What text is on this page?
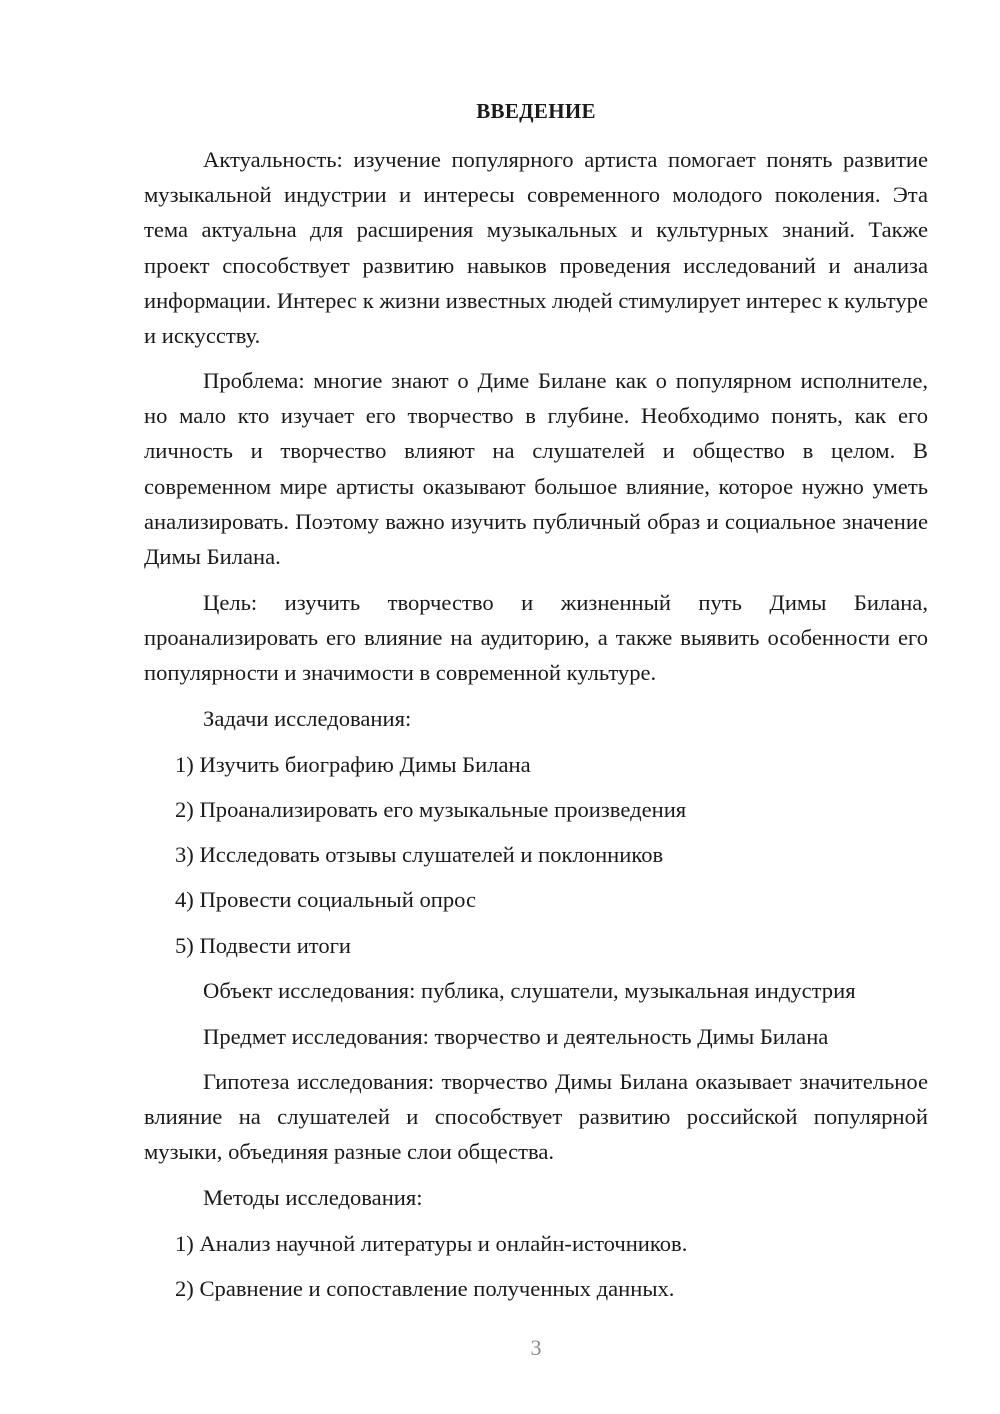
ВВЕДЕНИЕ

Актуальность: изучение популярного артиста помогает понять развитие музыкальной индустрии и интересы современного молодого поколения. Эта тема актуальна для расширения музыкальных и культурных знаний. Также проект способствует развитию навыков проведения исследований и анализа информации. Интерес к жизни известных людей стимулирует интерес к культуре и искусству.

Проблема: многие знают о Диме Билане как о популярном исполнителе, но мало кто изучает его творчество в глубине. Необходимо понять, как его личность и творчество влияют на слушателей и общество в целом. В современном мире артисты оказывают большое влияние, которое нужно уметь анализировать. Поэтому важно изучить публичный образ и социальное значение Димы Билана.

Цель: изучить творчество и жизненный путь Димы Билана, проанализировать его влияние на аудиторию, а также выявить особенности его популярности и значимости в современной культуре.

Задачи исследования:

1) Изучить биографию Димы Билана

2) Проанализировать его музыкальные произведения

3) Исследовать отзывы слушателей и поклонников

4) Провести социальный опрос

5) Подвести итоги

Объект исследования: публика, слушатели, музыкальная индустрия

Предмет исследования: творчество и деятельность Димы Билана

Гипотеза исследования: творчество Димы Билана оказывает значительное влияние на слушателей и способствует развитию российской популярной музыки, объединяя разные слои общества.

Методы исследования:

1) Анализ научной литературы и онлайн-источников.

2) Сравнение и сопоставление полученных данных.

3
